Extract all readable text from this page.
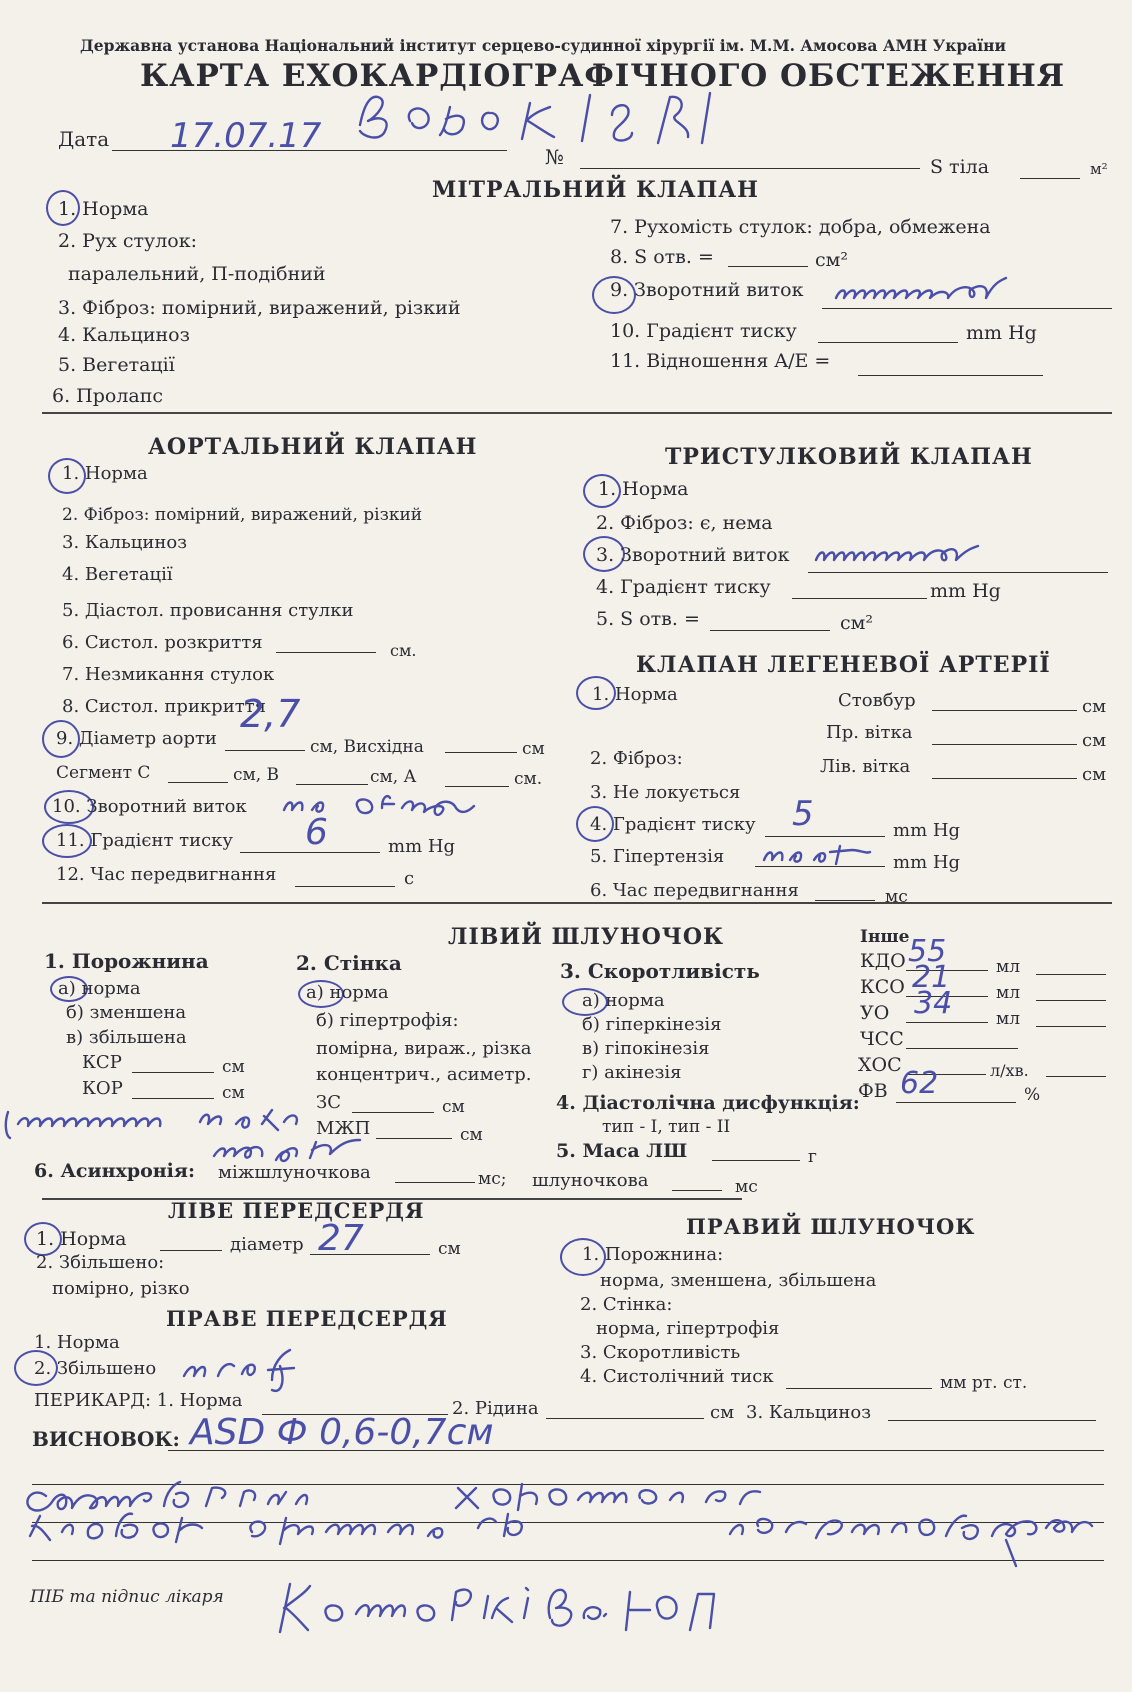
Державна установа Національний інститут серцево-судинної хірургії ім. М.М. Амосова АМН України
КАРТА ЕХОКАРДІОГРАФІЧНОГО ОБСТЕЖЕННЯ
Дата 17.07.17
№	S тіла	м²
МІТРАЛЬНИЙ КЛАПАН
1. Норма
2. Рух стулок:
паралельний, П-подібний
3. Фіброз: помірний, виражений, різкий
4. Кальциноз
5. Вегетації
6. Пролапс
7. Рухомість стулок: добра, обмежена
8. S отв. =	см²
9. Зворотний виток
10. Градієнт тиску	mm Hg
11. Відношення A/E =
АОРТАЛЬНИЙ КЛАПАН
1. Норма
2. Фіброз: помірний, виражений, різкий
3. Кальциноз
4. Вегетації
5. Діастол. провисання стулки
6. Систол. розкриття	см.
7. Незмикання стулок
8. Систол. прикриття
9. Діаметр аорти
2,7
см, Висхідна	см
Сегмент С	см, В	см, А	см.
10. Зворотний виток
11. Градієнт тиску 6	mm Hg
12. Час передвигнання	с
ТРИСТУЛКОВИЙ КЛАПАН
1. Норма
2. Фіброз: є, нема
3. Зворотний виток
4. Градієнт тиску	mm Hg
5. S отв. =	см²
КЛАПАН ЛЕГЕНЕВОЇ АРТЕРІЇ
1. Норма	Стовбур	см
Пр. вітка	см
Лів. вітка	см
2. Фіброз:
3. Не локується
4. Градієнт тиску 5	mm Hg
5. Гіпертензія	mm Hg
6. Час передвигнання	мс
ЛІВИЙ ШЛУНОЧОК
1. Порожнина
а) норма
б) зменшена
в) збільшена
КСР	см
КОР	см
2. Стінка
а) норма
б) гіпертрофія:
помірна, вираж., різка
концентрич., асиметр.
ЗС	см
МЖП	см
3. Скоротливість
а) норма
б) гіперкінезія
в) гіпокінезія
г) акінезія
4. Діастолічна дисфункція:
тип - I, тип - II
5. Маса ЛШ	г
Інше
КДО 55	мл
КСО 21	мл
УО 34	мл
ЧСС
ХОС	л/хв.
ФВ 62	%
6. Асинхронія: міжшлуночкова	мс; шлуночкова	мс
ЛІВЕ ПЕРЕДСЕРДЯ
1. Норма	діаметр 27	см
2. Збільшено:
помірно, різко
ПРАВЕ ПЕРЕДСЕРДЯ
1. Норма
2. Збільшено
ПРАВИЙ ШЛУНОЧОК
1. Порожнина:
норма, зменшена, збільшена
2. Стінка:
норма, гіпертрофія
3. Скоротливість
4. Систолічний тиск	мм рт. ст.
ПЕРИКАРД: 1. Норма	2. Рідина	см 3. Кальциноз
ВИСНОВОК: ASD Ф 0,6-0,7см
ПІБ та підпис лікаря
